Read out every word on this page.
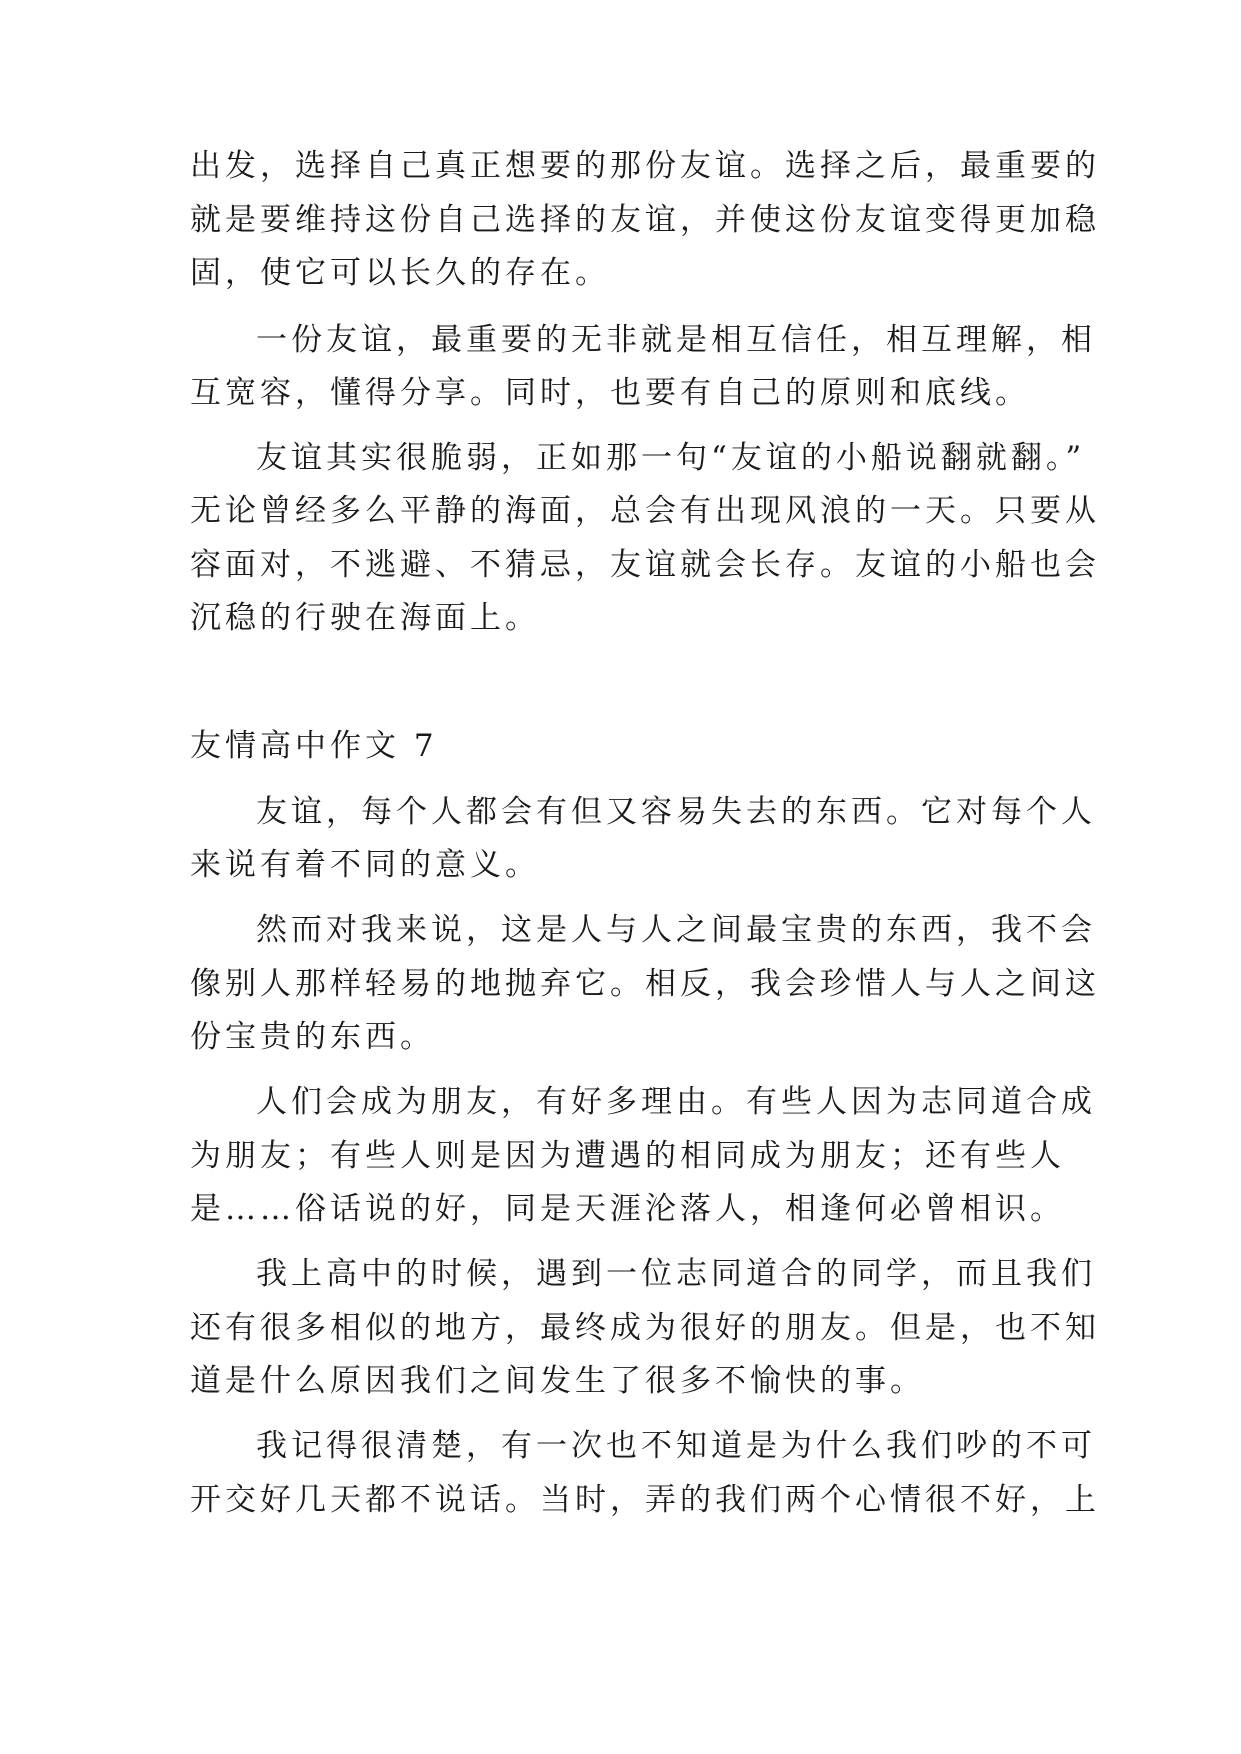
出发，选择自己真正想要的那份友谊。选择之后，最重要的
就是要维持这份自己选择的友谊，并使这份友谊变得更加稳
固，使它可以长久的存在。
一份友谊，最重要的无非就是相互信任，相互理解，相
互宽容，懂得分享。同时，也要有自己的原则和底线。
友谊其实很脆弱，正如那一句“友谊的小船说翻就翻。”
无论曾经多么平静的海面，总会有出现风浪的一天。只要从
容面对，不逃避、不猜忌，友谊就会长存。友谊的小船也会
沉稳的行驶在海面上。
友情高中作文 7
友谊，每个人都会有但又容易失去的东西。它对每个人
来说有着不同的意义。
然而对我来说，这是人与人之间最宝贵的东西，我不会
像别人那样轻易的地抛弃它。相反，我会珍惜人与人之间这
份宝贵的东西。
人们会成为朋友，有好多理由。有些人因为志同道合成
为朋友；有些人则是因为遭遇的相同成为朋友；还有些人
是……俗话说的好，同是天涯沦落人，相逢何必曾相识。
我上高中的时候，遇到一位志同道合的同学，而且我们
还有很多相似的地方，最终成为很好的朋友。但是，也不知
道是什么原因我们之间发生了很多不愉快的事。
我记得很清楚，有一次也不知道是为什么我们吵的不可
开交好几天都不说话。当时，弄的我们两个心情很不好，上
